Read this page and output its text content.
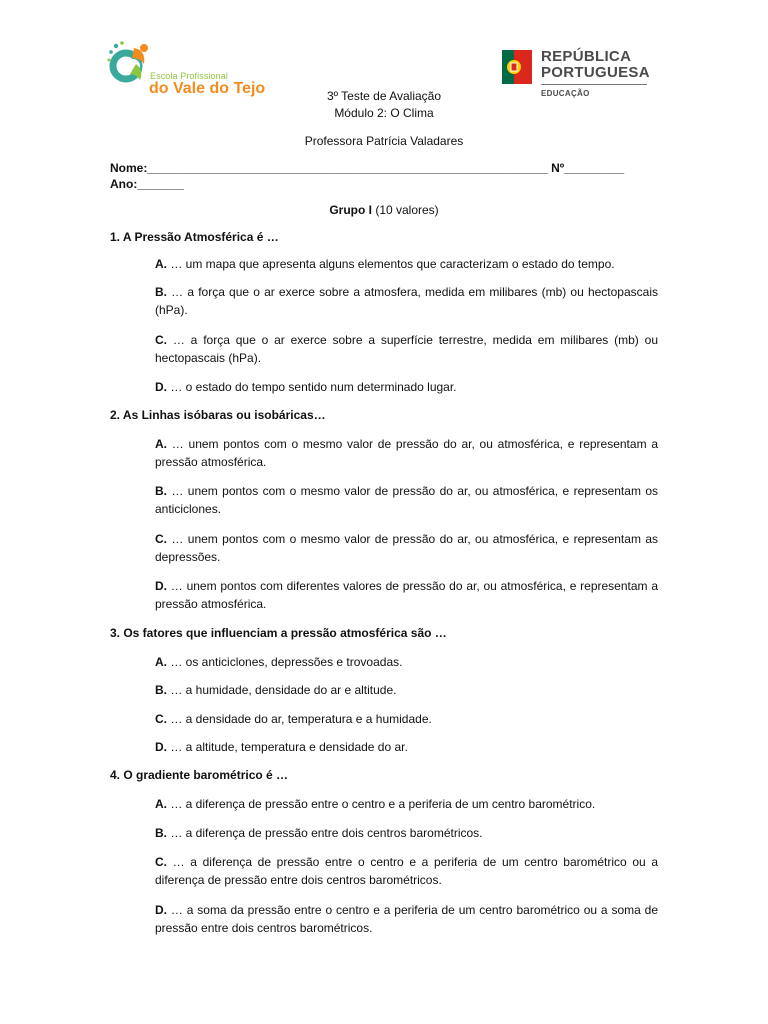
Escola Profissional
do Vale do Tejo
REPÚBLICA
PORTUGUESA
EDUCAÇÃO
3º Teste de Avaliação
Módulo 2: O Clima
Professora Patrícia Valadares
Nome:____________________________________________________________ Nº_________
Ano:_______
Grupo I (10 valores)
1. A Pressão Atmosférica é …
A. … um mapa que apresenta alguns elementos que caracterizam o estado do tempo.
B. … a força que o ar exerce sobre a atmosfera, medida em milibares (mb) ou hectopascais (hPa).
C. … a força que o ar exerce sobre a superfície terrestre, medida em milibares (mb) ou hectopascais (hPa).
D. … o estado do tempo sentido num determinado lugar.
2. As Linhas isóbaras ou isobáricas…
A. … unem pontos com o mesmo valor de pressão do ar, ou atmosférica, e representam a pressão atmosférica.
B. … unem pontos com o mesmo valor de pressão do ar, ou atmosférica, e representam os anticiclones.
C. … unem pontos com o mesmo valor de pressão do ar, ou atmosférica, e representam as depressões.
D. … unem pontos com diferentes valores de pressão do ar, ou atmosférica, e representam a pressão atmosférica.
3. Os fatores que influenciam a pressão atmosférica são …
A. … os anticiclones, depressões e trovoadas.
B. … a humidade, densidade do ar e altitude.
C. … a densidade do ar, temperatura e a humidade.
D. … a altitude, temperatura e densidade do ar.
4. O gradiente barométrico é …
A. … a diferença de pressão entre o centro e a periferia de um centro barométrico.
B. … a diferença de pressão entre dois centros barométricos.
C. … a diferença de pressão entre o centro e a periferia de um centro barométrico ou a diferença de pressão entre dois centros barométricos.
D. … a soma da pressão entre o centro e a periferia de um centro barométrico ou a soma de pressão entre dois centros barométricos.
